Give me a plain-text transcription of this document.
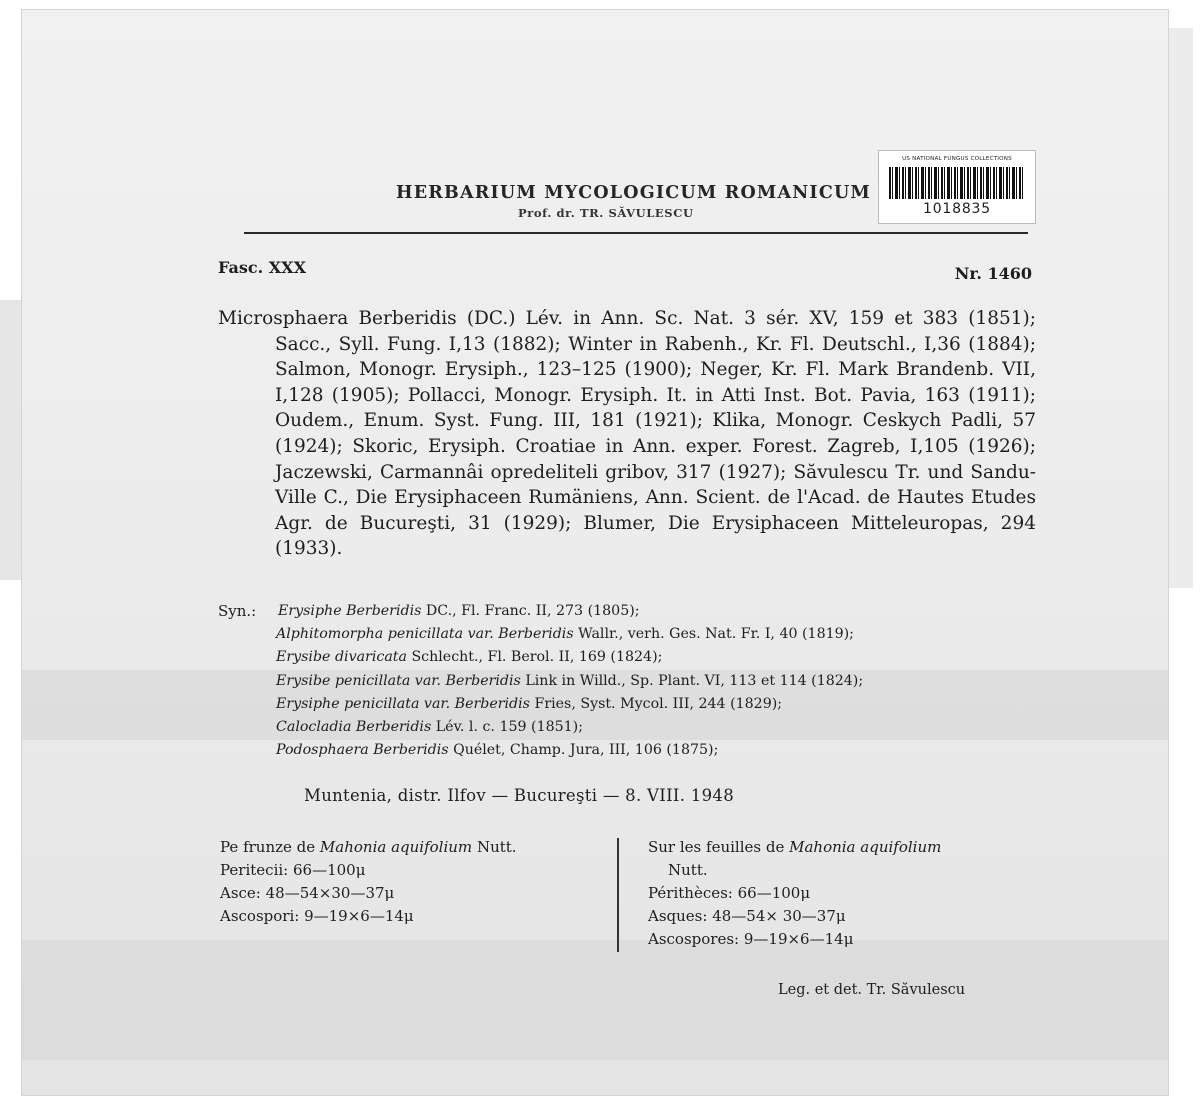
HERBARIUM MYCOLOGICUM ROMANICUM
Prof. dr. TR. SĂVULESCU
US NATIONAL FUNGUS COLLECTIONS
1018835
Fasc. XXX	Nr. 1460
Microsphaera Berberidis (DC.) Lév. in Ann. Sc. Nat. 3 sér. XV, 159 et 383 (1851); Sacc., Syll. Fung. I,13 (1882); Winter in Rabenh., Kr. Fl. Deutschl., I,36 (1884); Salmon, Monogr. Erysiph., 123–125 (1900); Neger, Kr. Fl. Mark Brandenb. VII, I,128 (1905); Pollacci, Monogr. Erysiph. It. in Atti Inst. Bot. Pavia, 163 (1911); Oudem., Enum. Syst. Fung. III, 181 (1921); Klika, Monogr. Ceskych Padli, 57 (1924); Skoric, Erysiph. Croatiae in Ann. exper. Forest. Zagreb, I,105 (1926); Jaczewski, Carmannâi opredeliteli gribov, 317 (1927); Săvulescu Tr. und Sandu-Ville C., Die Erysiphaceen Rumäniens, Ann. Scient. de l'Acad. de Hautes Etudes Agr. de Bucureşti, 31 (1929); Blumer, Die Erysiphaceen Mitteleuropas, 294 (1933).
Syn.: Erysiphe Berberidis DC., Fl. Franc. II, 273 (1805);
Alphitomorpha penicillata var. Berberidis Wallr., verh. Ges. Nat. Fr. I, 40 (1819);
Erysibe divaricata Schlecht., Fl. Berol. II, 169 (1824);
Erysibe penicillata var. Berberidis Link in Willd., Sp. Plant. VI, 113 et 114 (1824);
Erysiphe penicillata var. Berberidis Fries, Syst. Mycol. III, 244 (1829);
Calocladia Berberidis Lév. l. c. 159 (1851);
Podosphaera Berberidis Quélet, Champ. Jura, III, 106 (1875);
Muntenia, distr. Ilfov — Bucureşti — 8. VIII. 1948
Pe frunze de Mahonia aquifolium Nutt.
Peritecii: 66—100μ
Asce: 48—54×30—37μ
Ascospori: 9—19×6—14μ
Sur les feuilles de Mahonia aquifolium
Nutt.
Périthèces: 66—100μ
Asques: 48—54× 30—37μ
Ascospores: 9—19×6—14μ
Leg. et det. Tr. Săvulescu
